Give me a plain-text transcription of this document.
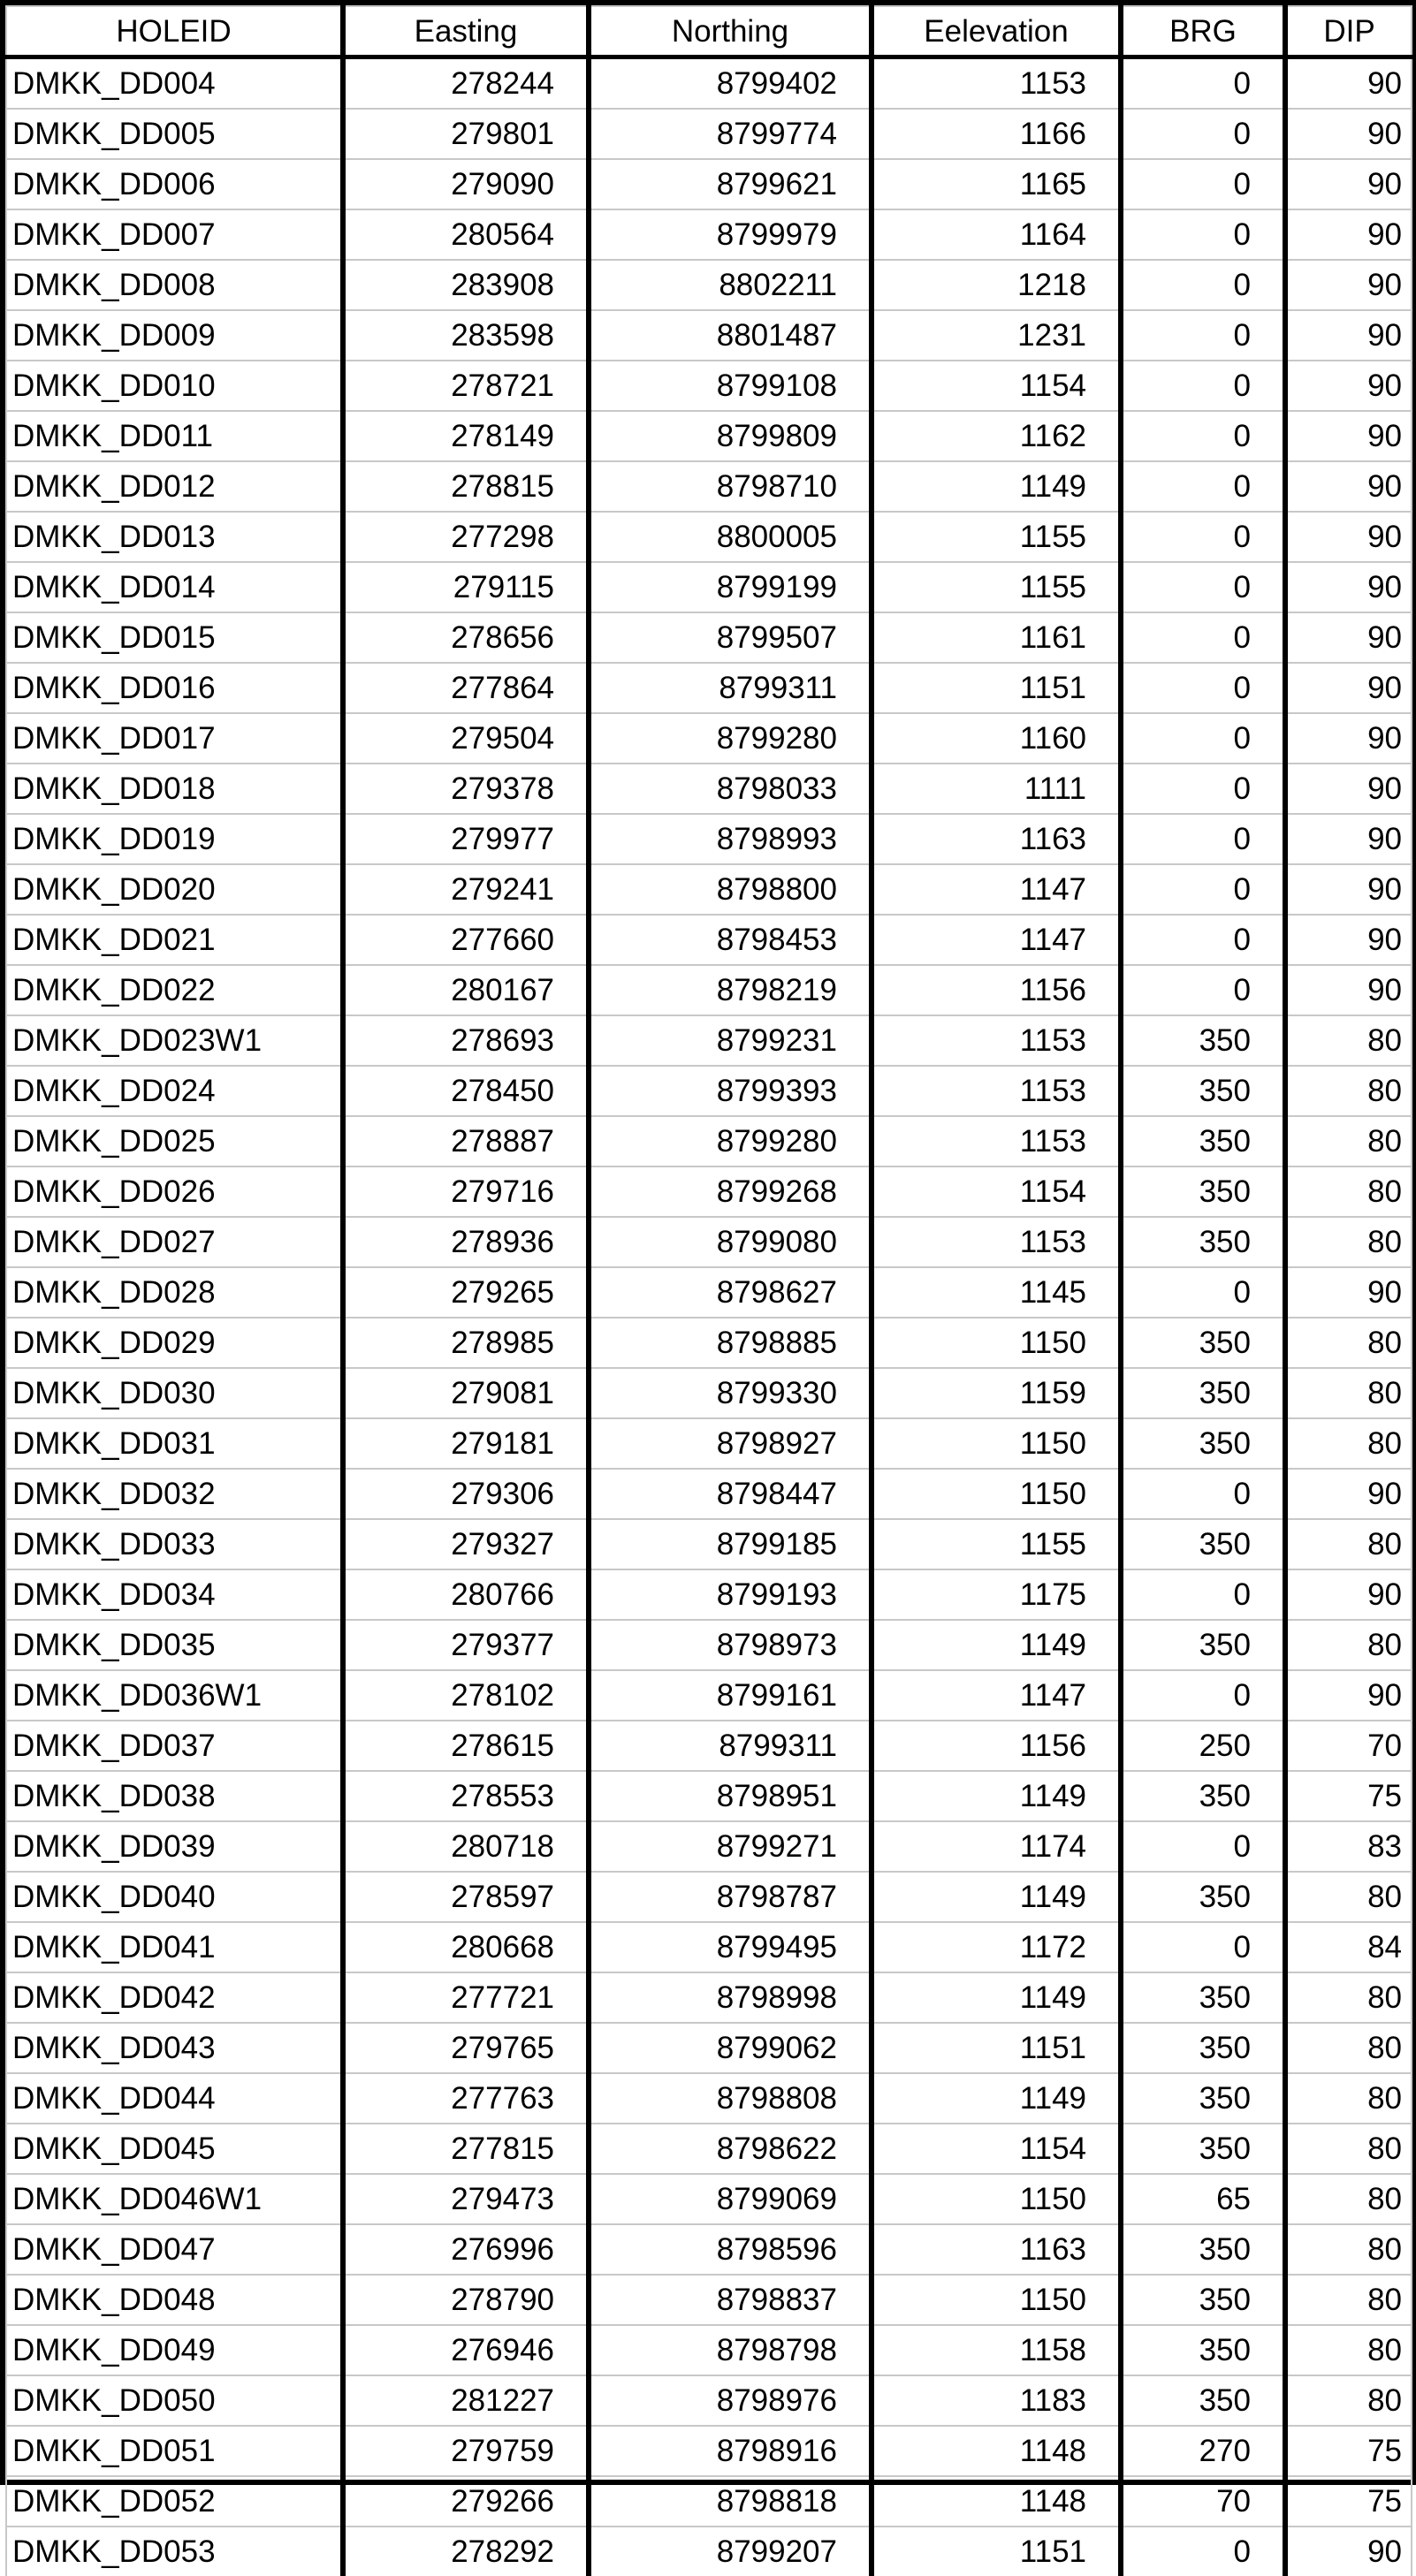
HOLEID	Easting	Northing	Eelevation	BRG	DIP
DMKK_DD004	278244	8799402	1153	0	90
DMKK_DD005	279801	8799774	1166	0	90
DMKK_DD006	279090	8799621	1165	0	90
DMKK_DD007	280564	8799979	1164	0	90
DMKK_DD008	283908	8802211	1218	0	90
DMKK_DD009	283598	8801487	1231	0	90
DMKK_DD010	278721	8799108	1154	0	90
DMKK_DD011	278149	8799809	1162	0	90
DMKK_DD012	278815	8798710	1149	0	90
DMKK_DD013	277298	8800005	1155	0	90
DMKK_DD014	279115	8799199	1155	0	90
DMKK_DD015	278656	8799507	1161	0	90
DMKK_DD016	277864	8799311	1151	0	90
DMKK_DD017	279504	8799280	1160	0	90
DMKK_DD018	279378	8798033	1111	0	90
DMKK_DD019	279977	8798993	1163	0	90
DMKK_DD020	279241	8798800	1147	0	90
DMKK_DD021	277660	8798453	1147	0	90
DMKK_DD022	280167	8798219	1156	0	90
DMKK_DD023W1	278693	8799231	1153	350	80
DMKK_DD024	278450	8799393	1153	350	80
DMKK_DD025	278887	8799280	1153	350	80
DMKK_DD026	279716	8799268	1154	350	80
DMKK_DD027	278936	8799080	1153	350	80
DMKK_DD028	279265	8798627	1145	0	90
DMKK_DD029	278985	8798885	1150	350	80
DMKK_DD030	279081	8799330	1159	350	80
DMKK_DD031	279181	8798927	1150	350	80
DMKK_DD032	279306	8798447	1150	0	90
DMKK_DD033	279327	8799185	1155	350	80
DMKK_DD034	280766	8799193	1175	0	90
DMKK_DD035	279377	8798973	1149	350	80
DMKK_DD036W1	278102	8799161	1147	0	90
DMKK_DD037	278615	8799311	1156	250	70
DMKK_DD038	278553	8798951	1149	350	75
DMKK_DD039	280718	8799271	1174	0	83
DMKK_DD040	278597	8798787	1149	350	80
DMKK_DD041	280668	8799495	1172	0	84
DMKK_DD042	277721	8798998	1149	350	80
DMKK_DD043	279765	8799062	1151	350	80
DMKK_DD044	277763	8798808	1149	350	80
DMKK_DD045	277815	8798622	1154	350	80
DMKK_DD046W1	279473	8799069	1150	65	80
DMKK_DD047	276996	8798596	1163	350	80
DMKK_DD048	278790	8798837	1150	350	80
DMKK_DD049	276946	8798798	1158	350	80
DMKK_DD050	281227	8798976	1183	350	80
DMKK_DD051	279759	8798916	1148	270	75
DMKK_DD052	279266	8798818	1148	70	75
DMKK_DD053	278292	8799207	1151	0	90
